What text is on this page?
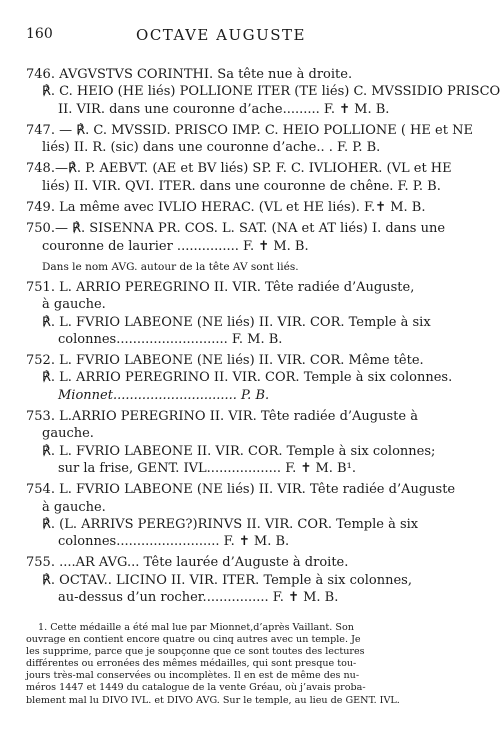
160	OCTAVE AUGUSTE
746. AVGVSTVS CORINTHI. Sa tête nue à droite.
℟. C. HEIO (HE liés) POLLIONE ITER (TE liés) C. MVSSIDIO PRISCO
II. VIR. dans une couronne d’ache......... F. ✝ M. B.
747. — ℟. C. MVSSID. PRISCO IMP. C. HEIO POLLIONE ( HE et NE
liés) II. R. (sic) dans une couronne d’ache.. . F. P. B.
748.—℟. P. AEBVT. (AE et BV liés) SP. F. C. IVLIOHER. (VL et HE
liés) II. VIR. QVI. ITER. dans une couronne de chêne. F. P. B.
749. La même avec IVLIO HERAC. (VL et HE liés). F.✝ M. B.
750.— ℟. SISENNA PR. COS. L. SAT. (NA et AT liés) I. dans une
couronne de laurier ............... F. ✝ M. B.
Dans le nom AVG. autour de la tête AV sont liés.
751. L. ARRIO PEREGRINO II. VIR. Tête radiée d’Auguste,
à gauche.
℟. L. FVRIO LABEONE (NE liés) II. VIR. COR. Temple à six
colonnes........................... F. M. B.
752. L. FVRIO LABEONE (NE liés) II. VIR. COR. Même tête.
℟. L. ARRIO PEREGRINO II. VIR. COR. Temple à six colonnes.
Mionnet.............................. P. B.
753. L.ARRIO PEREGRINO II. VIR. Tête radiée d’Auguste à
gauche.
℟. L. FVRIO LABEONE II. VIR. COR. Temple à six colonnes;
sur la frise, GENT. IVL.................. F. ✝ M. B¹.
754. L. FVRIO LABEONE (NE liés) II. VIR. Tête radiée d’Auguste
à gauche.
℟. (L. ARRIVS PEREG?)RINVS II. VIR. COR. Temple à six
colonnes......................... F. ✝ M. B.
755. ....AR AVG... Tête laurée d’Auguste à droite.
℟. OCTAV.. LICINO II. VIR. ITER. Temple à six colonnes,
au-dessus d’un rocher................ F. ✝ M. B.
1. Cette médaille a été mal lue par Mionnet,d’après Vaillant. Son
ouvrage en contient encore quatre ou cinq autres avec un temple. Je
les supprime, parce que je soupçonne que ce sont toutes des lectures
différentes ou erronées des mêmes médailles, qui sont presque tou-
jours très-mal conservées ou incomplètes. Il en est de même des nu-
méros 1447 et 1449 du catalogue de la vente Gréau, où j’avais proba-
blement mal lu DIVO IVL. et DIVO AVG. Sur le temple, au lieu de GENT. IVL.
